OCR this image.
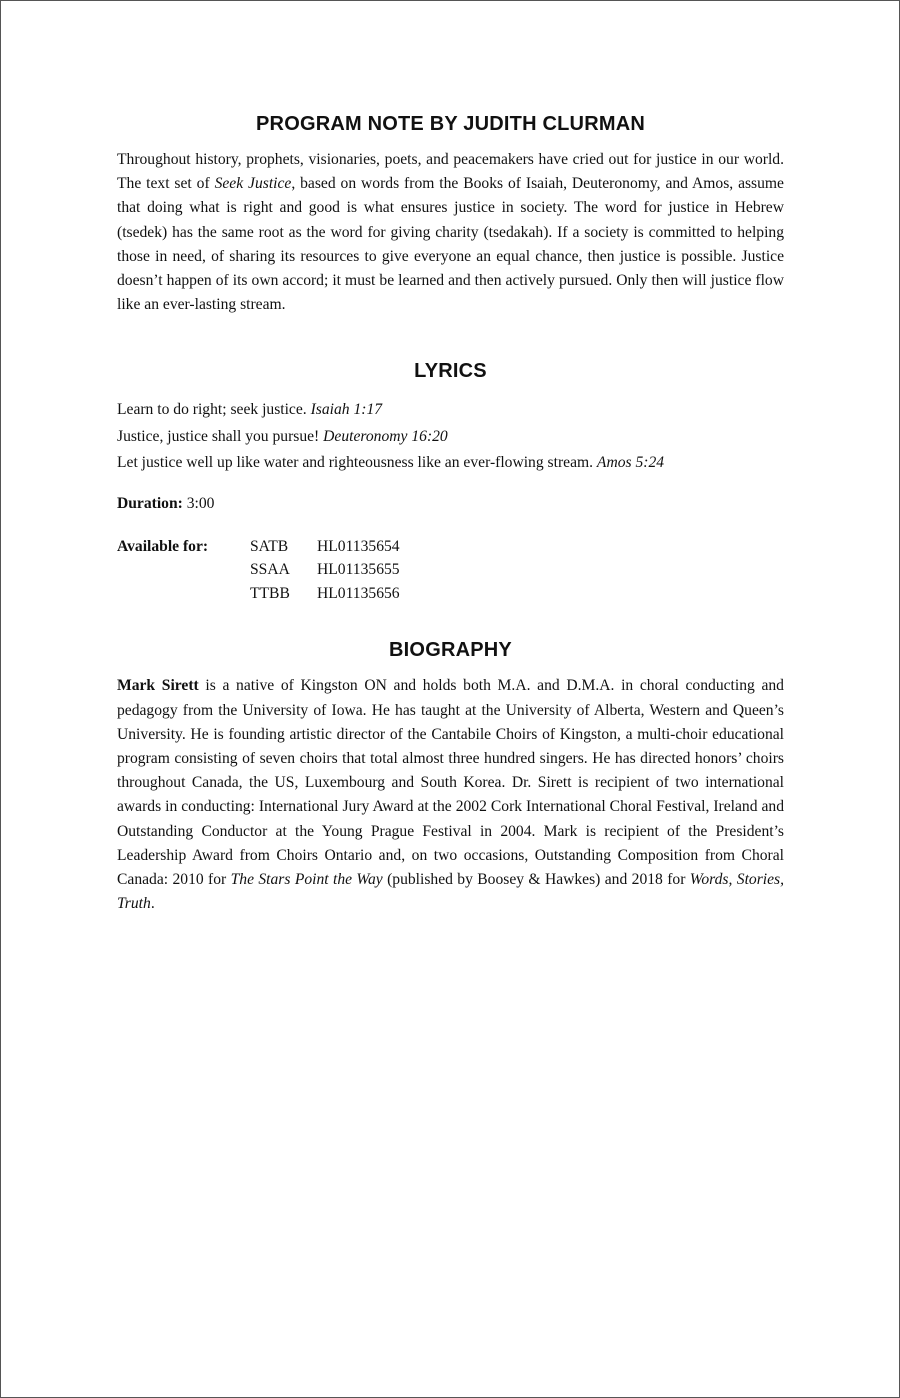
PROGRAM NOTE BY JUDITH CLURMAN

Throughout history, prophets, visionaries, poets, and peacemakers have cried out for justice in our world. The text set of Seek Justice, based on words from the Books of Isaiah, Deuteronomy, and Amos, assume that doing what is right and good is what ensures justice in society. The word for justice in Hebrew (tsedek) has the same root as the word for giving charity (tsedakah). If a society is committed to helping those in need, of sharing its resources to give everyone an equal chance, then justice is possible. Justice doesn’t happen of its own accord; it must be learned and then actively pursued. Only then will justice flow like an ever-lasting stream.

LYRICS

Learn to do right; seek justice. Isaiah 1:17

Justice, justice shall you pursue! Deuteronomy 16:20

Let justice well up like water and righteousness like an ever-flowing stream. Amos 5:24

Duration: 3:00
Available for:	SATB	HL01135654
SSAA	HL01135655
TTBB	HL01135656
BIOGRAPHY

Mark Sirett is a native of Kingston ON and holds both M.A. and D.M.A. in choral conducting and pedagogy from the University of Iowa. He has taught at the University of Alberta, Western and Queen’s University. He is founding artistic director of the Cantabile Choirs of Kingston, a multi-choir educational program consisting of seven choirs that total almost three hundred singers. He has directed honors’ choirs throughout Canada, the US, Luxembourg and South Korea. Dr. Sirett is recipient of two international awards in conducting: International Jury Award at the 2002 Cork International Choral Festival, Ireland and Outstanding Conductor at the Young Prague Festival in 2004. Mark is recipient of the President’s Leadership Award from Choirs Ontario and, on two occasions, Outstanding Composition from Choral Canada: 2010 for The Stars Point the Way (published by Boosey & Hawkes) and 2018 for Words, Stories, Truth.
